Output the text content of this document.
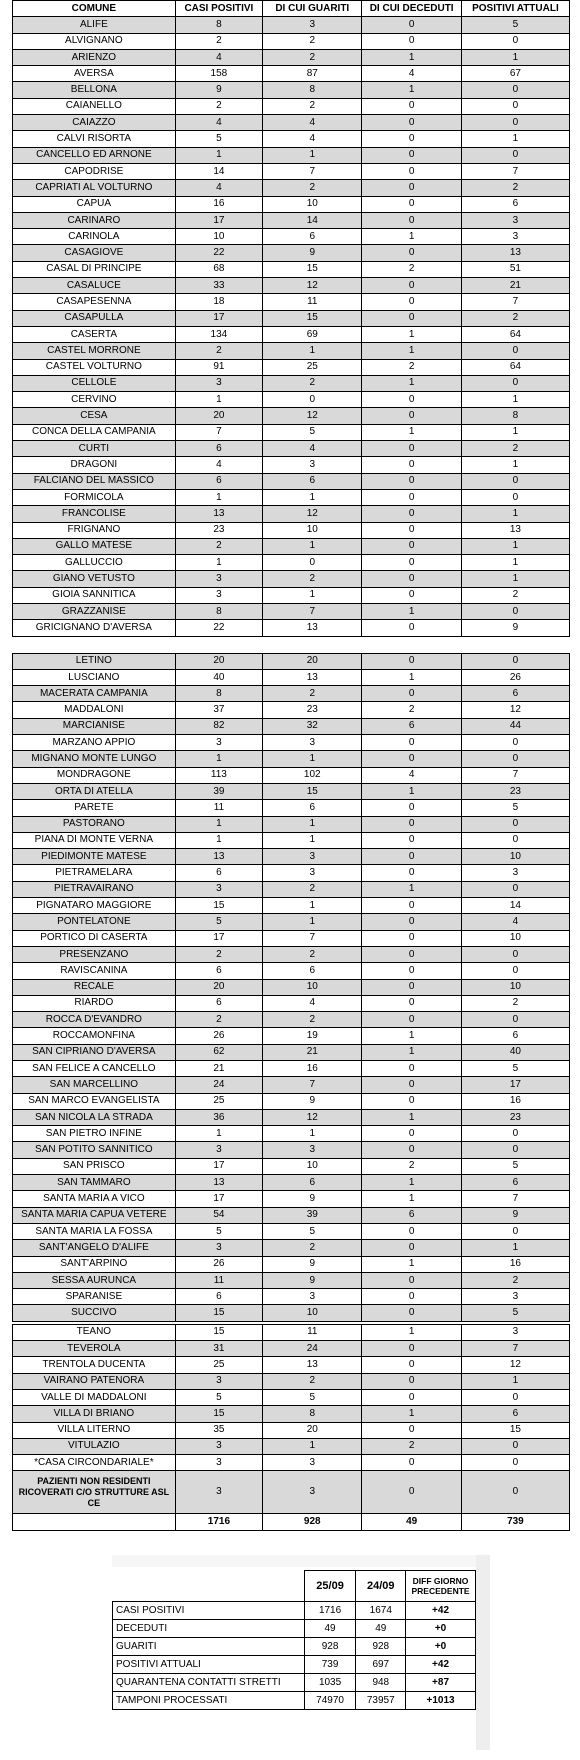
COMUNE	CASI POSITIVI	DI CUI GUARITI	DI CUI DECEDUTI	POSITIVI ATTUALI
ALIFE	8	3	0	5
ALVIGNANO	2	2	0	0
ARIENZO	4	2	1	1
AVERSA	158	87	4	67
BELLONA	9	8	1	0
CAIANELLO	2	2	0	0
CAIAZZO	4	4	0	0
CALVI RISORTA	5	4	0	1
CANCELLO ED ARNONE	1	1	0	0
CAPODRISE	14	7	0	7
CAPRIATI AL VOLTURNO	4	2	0	2
CAPUA	16	10	0	6
CARINARO	17	14	0	3
CARINOLA	10	6	1	3
CASAGIOVE	22	9	0	13
CASAL DI PRINCIPE	68	15	2	51
CASALUCE	33	12	0	21
CASAPESENNA	18	11	0	7
CASAPULLA	17	15	0	2
CASERTA	134	69	1	64
CASTEL MORRONE	2	1	1	0
CASTEL VOLTURNO	91	25	2	64
CELLOLE	3	2	1	0
CERVINO	1	0	0	1
CESA	20	12	0	8
CONCA DELLA CAMPANIA	7	5	1	1
CURTI	6	4	0	2
DRAGONI	4	3	0	1
FALCIANO DEL MASSICO	6	6	0	0
FORMICOLA	1	1	0	0
FRANCOLISE	13	12	0	1
FRIGNANO	23	10	0	13
GALLO MATESE	2	1	0	1
GALLUCCIO	1	0	0	1
GIANO VETUSTO	3	2	0	1
GIOIA SANNITICA	3	1	0	2
GRAZZANISE	8	7	1	0
GRICIGNANO D'AVERSA	22	13	0	9

LETINO	20	20	0	0
LUSCIANO	40	13	1	26
MACERATA CAMPANIA	8	2	0	6
MADDALONI	37	23	2	12
MARCIANISE	82	32	6	44
MARZANO APPIO	3	3	0	0
MIGNANO MONTE LUNGO	1	1	0	0
MONDRAGONE	113	102	4	7
ORTA DI ATELLA	39	15	1	23
PARETE	11	6	0	5
PASTORANO	1	1	0	0
PIANA DI MONTE VERNA	1	1	0	0
PIEDIMONTE MATESE	13	3	0	10
PIETRAMELARA	6	3	0	3
PIETRAVAIRANO	3	2	1	0
PIGNATARO MAGGIORE	15	1	0	14
PONTELATONE	5	1	0	4
PORTICO DI CASERTA	17	7	0	10
PRESENZANO	2	2	0	0
RAVISCANINA	6	6	0	0
RECALE	20	10	0	10
RIARDO	6	4	0	2
ROCCA D'EVANDRO	2	2	0	0
ROCCAMONFINA	26	19	1	6
SAN CIPRIANO D'AVERSA	62	21	1	40
SAN FELICE A CANCELLO	21	16	0	5
SAN MARCELLINO	24	7	0	17
SAN MARCO EVANGELISTA	25	9	0	16
SAN NICOLA LA STRADA	36	12	1	23
SAN PIETRO INFINE	1	1	0	0
SAN POTITO SANNITICO	3	3	0	0
SAN PRISCO	17	10	2	5
SAN TAMMARO	13	6	1	6
SANTA MARIA A VICO	17	9	1	7
SANTA MARIA CAPUA VETERE	54	39	6	9
SANTA MARIA LA FOSSA	5	5	0	0
SANT'ANGELO D'ALIFE	3	2	0	1
SANT'ARPINO	26	9	1	16
SESSA AURUNCA	11	9	0	2
SPARANISE	6	3	0	3
SUCCIVO	15	10	0	5

TEANO	15	11	1	3
TEVEROLA	31	24	0	7
TRENTOLA DUCENTA	25	13	0	12
VAIRANO PATENORA	3	2	0	1
VALLE DI MADDALONI	5	5	0	0
VILLA DI BRIANO	15	8	1	6
VILLA LITERNO	35	20	0	15
VITULAZIO	3	1	2	0
*CASA CIRCONDARIALE*	3	3	0	0
PAZIENTI NON RESIDENTI RICOVERATI C/O STRUTTURE ASL CE	3	3	0	0
	1716	928	49	739
	25/09	24/09	DIFF GIORNO PRECEDENTE
CASI POSITIVI	1716	1674	+42
DECEDUTI	49	49	+0
GUARITI	928	928	+0
POSITIVI ATTUALI	739	697	+42
QUARANTENA CONTATTI STRETTI	1035	948	+87
TAMPONI PROCESSATI	74970	73957	+1013
